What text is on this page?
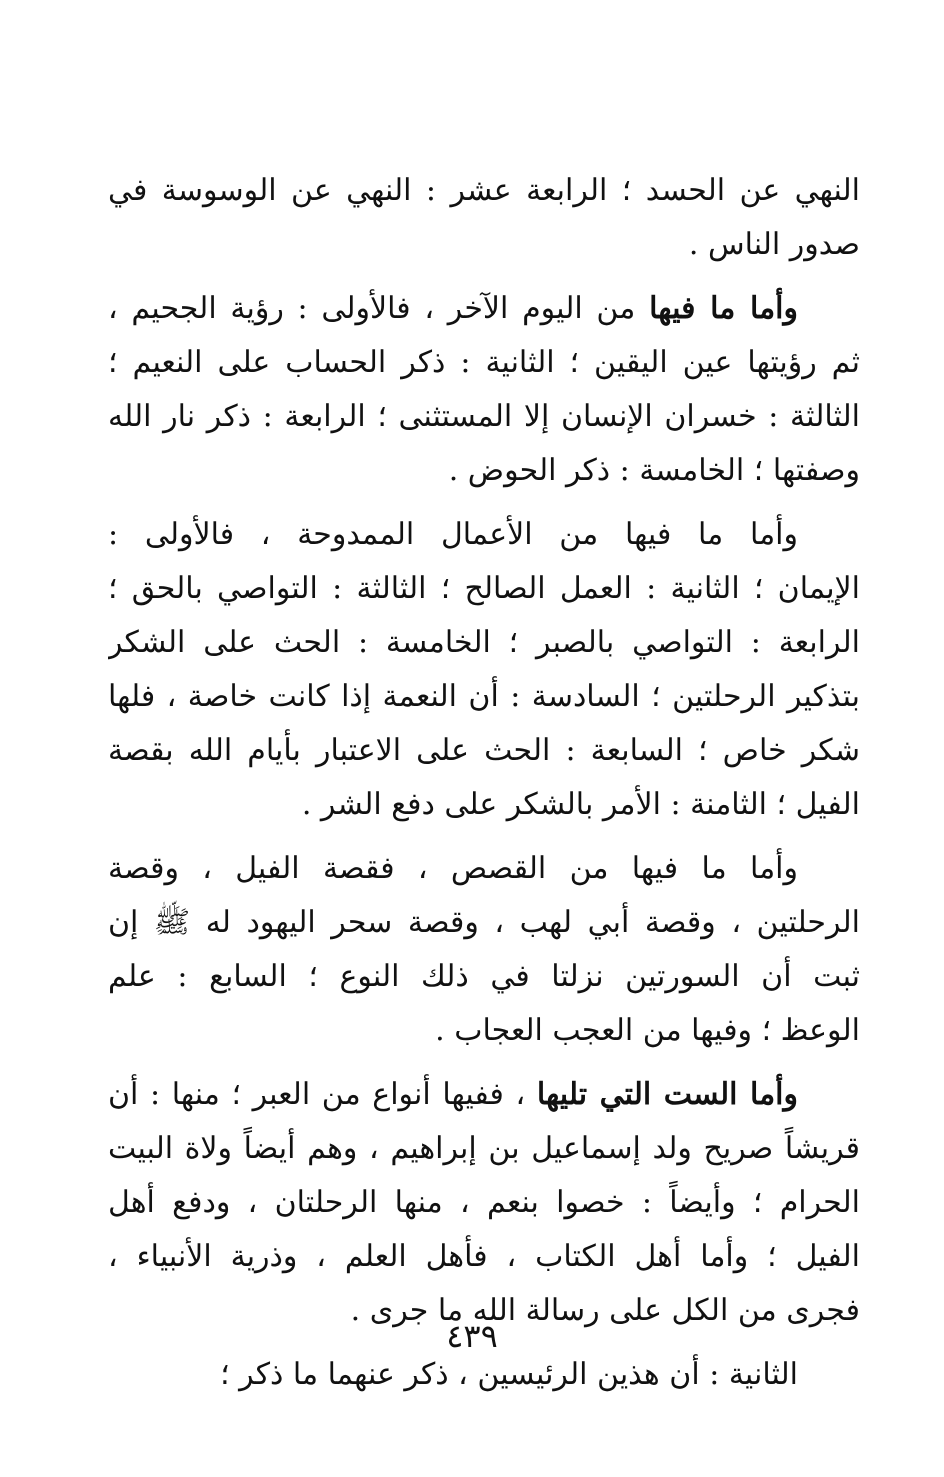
النهي عن الحسد ؛ الرابعة عشر : النهي عن الوسوسة في
صدور الناس .

وأما ما فيها من اليوم الآخر ، فالأولى : رؤية الجحيم ،
ثم رؤيتها عين اليقين ؛ الثانية : ذكر الحساب على النعيم ؛
الثالثة : خسران الإنسان إلا المستثنى ؛ الرابعة : ذكر نار الله
وصفتها ؛ الخامسة : ذكر الحوض .

وأما ما فيها من الأعمال الممدوحة ، فالأولى :
الإيمان ؛ الثانية : العمل الصالح ؛ الثالثة : التواصي بالحق ؛
الرابعة : التواصي بالصبر ؛ الخامسة : الحث على الشكر
بتذكير الرحلتين ؛ السادسة : أن النعمة إذا كانت خاصة ، فلها
شكر خاص ؛ السابعة : الحث على الاعتبار بأيام الله بقصة
الفيل ؛ الثامنة : الأمر بالشكر على دفع الشر .

وأما ما فيها من القصص ، فقصة الفيل ، وقصة
الرحلتين ، وقصة أبي لهب ، وقصة سحر اليهود له ﷺ إن
ثبت أن السورتين نزلتا في ذلك النوع ؛ السابع : علم
الوعظ ؛ وفيها من العجب العجاب .

وأما الست التي تليها ، ففيها أنواع من العبر ؛ منها : أن
قريشاً صريح ولد إسماعيل بن إبراهيم ، وهم أيضاً ولاة البيت
الحرام ؛ وأيضاً : خصوا بنعم ، منها الرحلتان ، ودفع أهل
الفيل ؛ وأما أهل الكتاب ، فأهل العلم ، وذرية الأنبياء ،
فجرى من الكل على رسالة الله ما جرى .

الثانية : أن هذين الرئيسين ، ذكر عنهما ما ذكر ؛

٤٣٩
